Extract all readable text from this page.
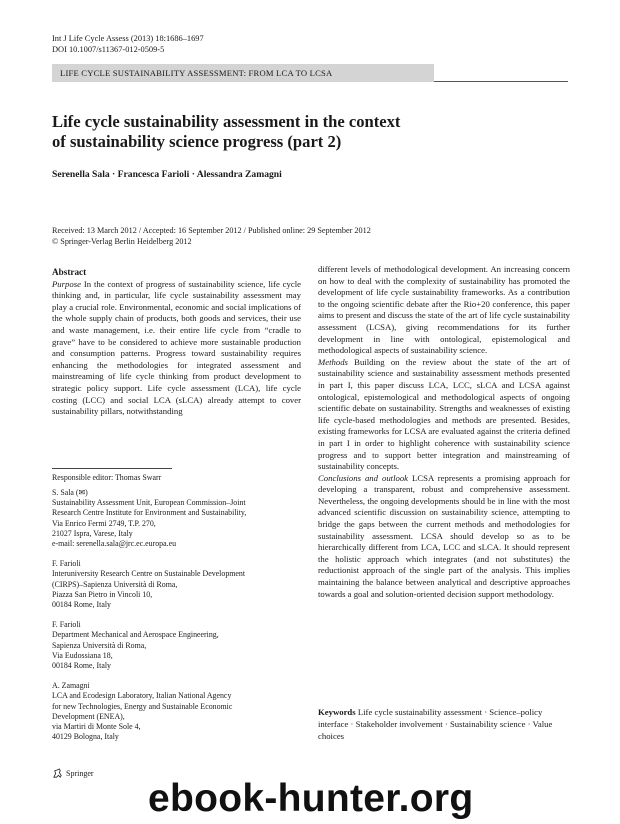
Int J Life Cycle Assess (2013) 18:1686–1697
DOI 10.1007/s11367-012-0509-5
LIFE CYCLE SUSTAINABILITY ASSESSMENT: FROM LCA TO LCSA
Life cycle sustainability assessment in the context
of sustainability science progress (part 2)
Serenella Sala · Francesca Farioli · Alessandra Zamagni
Received: 13 March 2012 / Accepted: 16 September 2012 / Published online: 29 September 2012
© Springer-Verlag Berlin Heidelberg 2012
Abstract

Purpose In the context of progress of sustainability science, life cycle thinking and, in particular, life cycle sustainability assessment may play a crucial role. Environmental, economic and social implications of the whole supply chain of products, both goods and services, their use and waste management, i.e. their entire life cycle from “cradle to grave” have to be considered to achieve more sustainable production and consumption patterns. Progress toward sustainability requires enhancing the methodologies for integrated assessment and mainstreaming of life cycle thinking from product development to strategic policy support. Life cycle assessment (LCA), life cycle costing (LCC) and social LCA (sLCA) already attempt to cover sustainability pillars, notwithstanding

Responsible editor: Thomas Swarr
S. Sala (✉)
Sustainability Assessment Unit, European Commission–Joint
Research Centre Institute for Environment and Sustainability,
Via Enrico Fermi 2749, T.P. 270,
21027 Ispra, Varese, Italy
e-mail: serenella.sala@jrc.ec.europa.eu
F. Farioli
Interuniversity Research Centre on Sustainable Development
(CIRPS)–Sapienza Università di Roma,
Piazza San Pietro in Vincoli 10,
00184 Rome, Italy
F. Farioli
Department Mechanical and Aerospace Engineering,
Sapienza Università di Roma,
Via Eudossiana 18,
00184 Rome, Italy
A. Zamagni
LCA and Ecodesign Laboratory, Italian National Agency
for new Technologies, Energy and Sustainable Economic
Development (ENEA),
via Martiri di Monte Sole 4,
40129 Bologna, Italy

different levels of methodological development. An increasing concern on how to deal with the complexity of sustainability has promoted the development of life cycle sustainability frameworks. As a contribution to the ongoing scientific debate after the Rio+20 conference, this paper aims to present and discuss the state of the art of life cycle sustainability assessment (LCSA), giving recommendations for its further development in line with ontological, epistemological and methodological aspects of sustainability science.

Methods Building on the review about the state of the art of sustainability science and sustainability assessment methods presented in part I, this paper discuss LCA, LCC, sLCA and LCSA against ontological, epistemological and methodological aspects of ongoing scientific debate on sustainability. Strengths and weaknesses of existing life cycle-based methodologies and methods are presented. Besides, existing frameworks for LCSA are evaluated against the criteria defined in part I in order to highlight coherence with sustainability science progress and to support better integration and mainstreaming of sustainability concepts.

Conclusions and outlook LCSA represents a promising approach for developing a transparent, robust and comprehensive assessment. Nevertheless, the ongoing developments should be in line with the most advanced scientific discussion on sustainability science, attempting to bridge the gaps between the current methods and methodologies for sustainability assessment. LCSA should develop so as to be hierarchically different from LCA, LCC and sLCA. It should represent the holistic approach which integrates (and not substitutes) the reductionist approach of the single part of the analysis. This implies maintaining the balance between analytical and descriptive approaches towards a goal and solution-oriented decision support methodology.

Keywords Life cycle sustainability assessment · Science–policy interface · Stakeholder involvement · Sustainability science · Value choices
Springer
ebook-hunter.org
